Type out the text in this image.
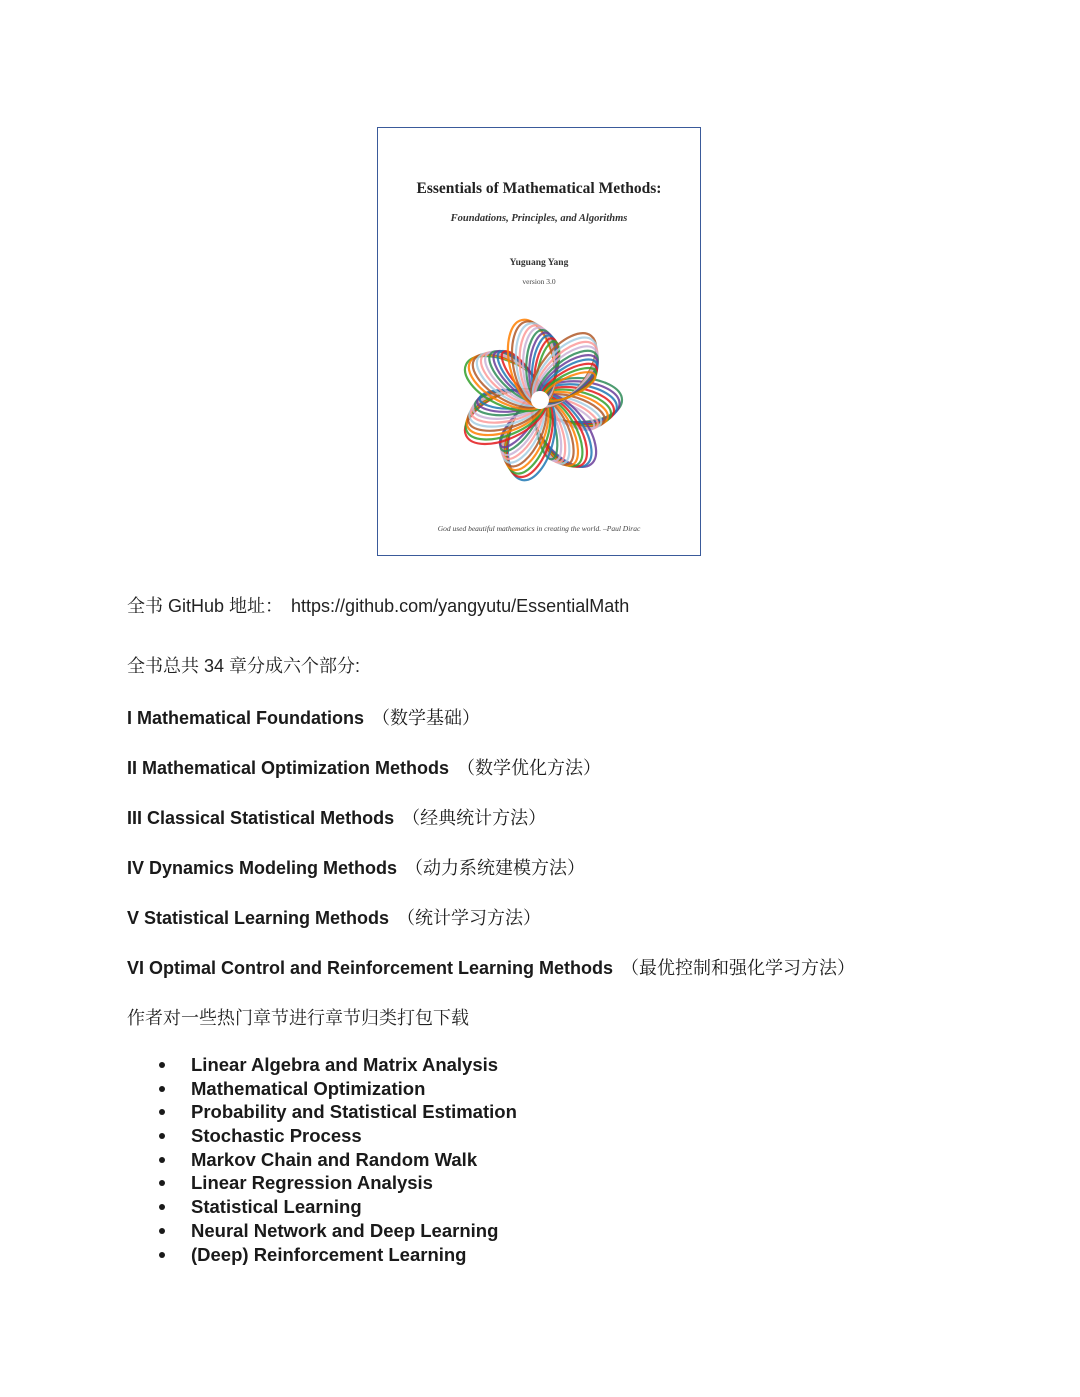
Essentials of Mathematical Methods:
Foundations, Principles, and Algorithms
Yuguang Yang
version 3.0
God used beautiful mathematics in creating the world. –Paul Dirac
全书 GitHub 地址： https://github.com/yangyutu/EssentialMath
全书总共 34 章分成六个部分:
I Mathematical Foundations （数学基础）
II Mathematical Optimization Methods （数学优化方法）
III Classical Statistical Methods （经典统计方法）
IV Dynamics Modeling Methods （动力系统建模方法）
V Statistical Learning Methods （统计学习方法）
VI Optimal Control and Reinforcement Learning Methods （最优控制和强化学习方法）
作者对一些热门章节进行章节归类打包下载
Linear Algebra and Matrix Analysis
Mathematical Optimization
Probability and Statistical Estimation
Stochastic Process
Markov Chain and Random Walk
Linear Regression Analysis
Statistical Learning
Neural Network and Deep Learning
(Deep) Reinforcement Learning
